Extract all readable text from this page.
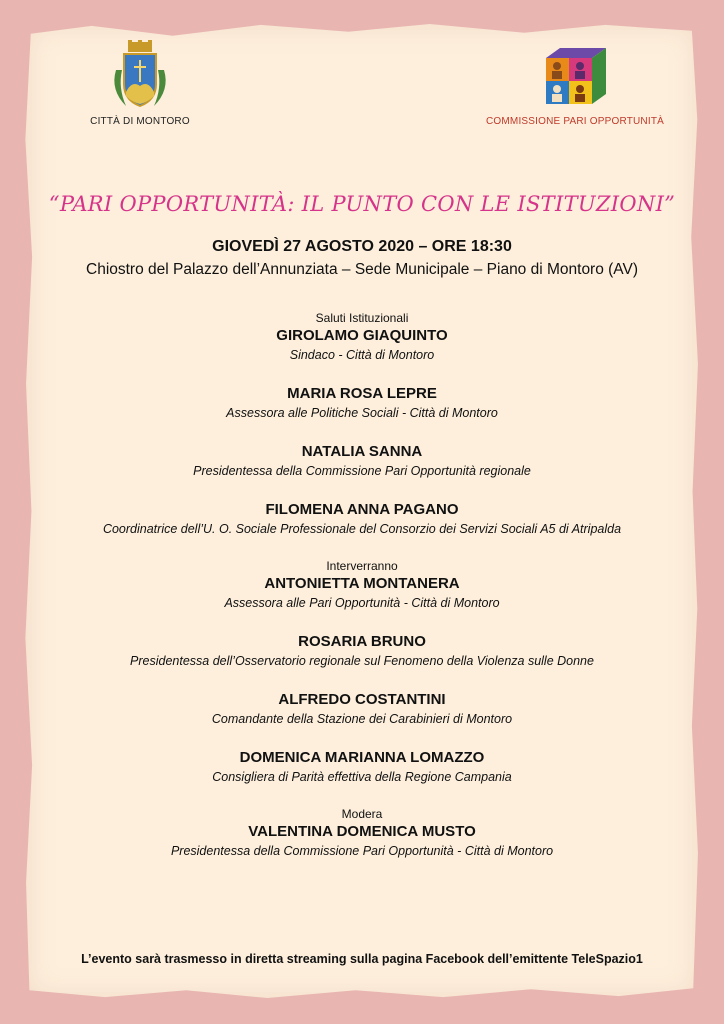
CITTÀ DI MONTORO	COMMISSIONE PARI OPPORTUNITÀ
“PARI OPPORTUNITÀ: IL PUNTO CON LE ISTITUZIONI”
GIOVEDÌ 27 AGOSTO 2020 – ORE 18:30
Chiostro del Palazzo dell’Annunziata – Sede Municipale – Piano di Montoro (AV)
Saluti Istituzionali
GIROLAMO GIAQUINTO
Sindaco - Città di Montoro
MARIA ROSA LEPRE
Assessora alle Politiche Sociali - Città di Montoro
NATALIA SANNA
Presidentessa della Commissione Pari Opportunità regionale
FILOMENA ANNA PAGANO
Coordinatrice dell’U. O. Sociale Professionale del Consorzio dei Servizi Sociali A5 di Atripalda
Interverranno
ANTONIETTA MONTANERA
Assessora alle Pari Opportunità - Città di Montoro
ROSARIA BRUNO
Presidentessa dell’Osservatorio regionale sul Fenomeno della Violenza sulle Donne
ALFREDO COSTANTINI
Comandante della Stazione dei Carabinieri di Montoro
DOMENICA MARIANNA LOMAZZO
Consigliera di Parità effettiva della Regione Campania
Modera
VALENTINA DOMENICA MUSTO
Presidentessa della Commissione Pari Opportunità - Città di Montoro
L’evento sarà trasmesso in diretta streaming sulla pagina Facebook dell’emittente TeleSpazio1
